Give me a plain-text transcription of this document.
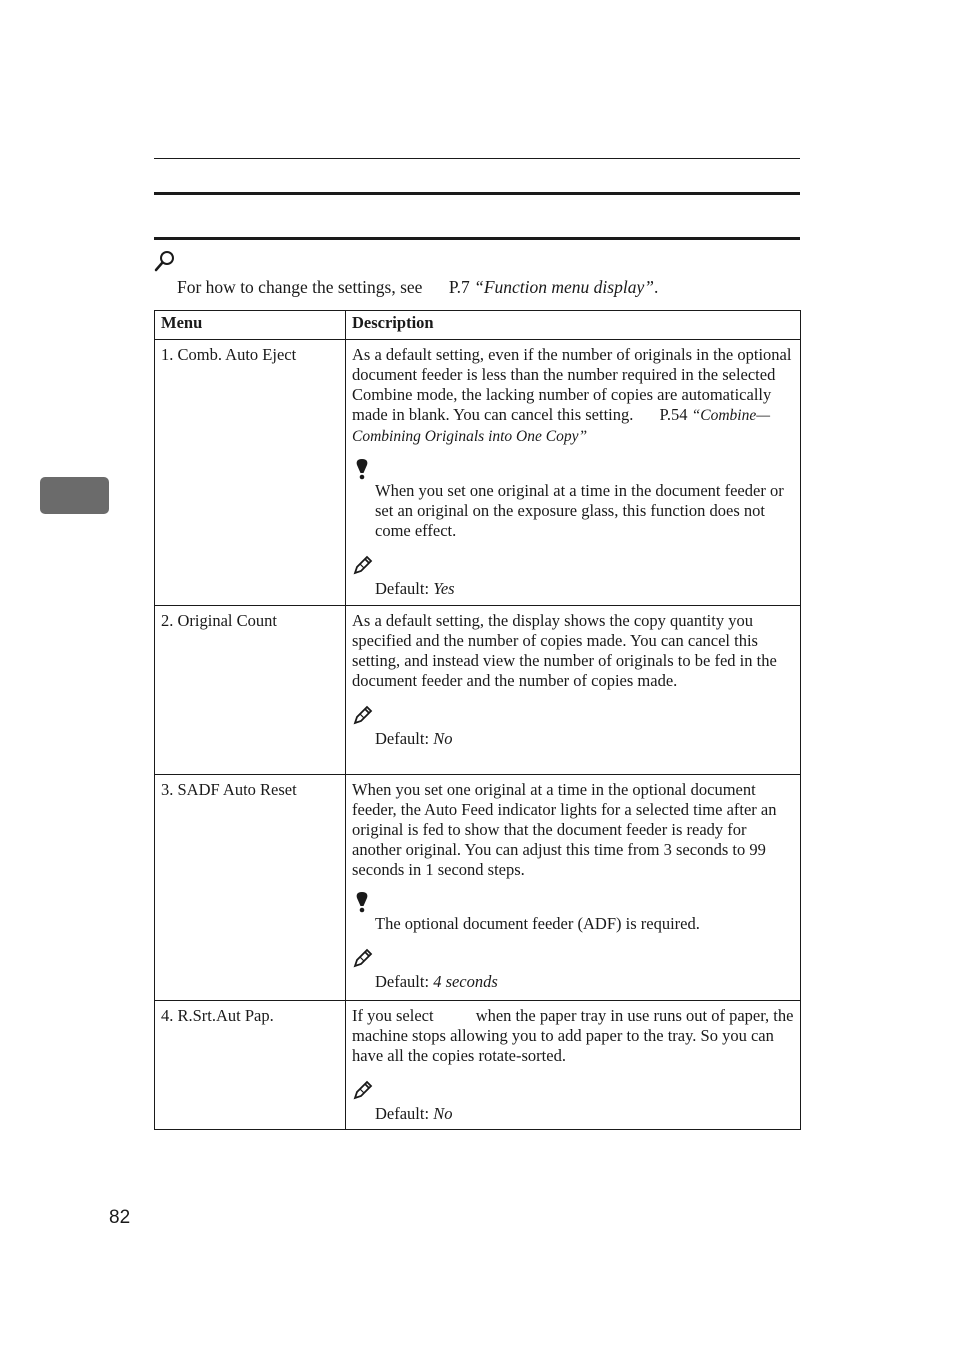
For how to change the settings, see P.7 “Function menu display”.
Menu	Description
1. Comb. Auto Eject	As a default setting, even if the number of originals in the optional document feeder is less than the number required in the selected Combine mode, the lacking number of copies are automatically made in blank. You can cancel this setting. P.54 “Combine—Combining Originals into One Copy”

When you set one original at a time in the document feeder or set an original on the exposure glass, this function does not come effect.

Default: Yes

2. Original Count	As a default setting, the display shows the copy quantity you specified and the number of copies made. You can cancel this setting, and instead view the number of originals to be fed in the document feeder and the number of copies made.

Default: No

3. SADF Auto Reset	When you set one original at a time in the optional document feeder, the Auto Feed indicator lights for a selected time after an original is fed to show that the document feeder is ready for another original. You can adjust this time from 3 seconds to 99 seconds in 1 second steps.

The optional document feeder (ADF) is required.

Default: 4 seconds

4. R.Srt.Aut Pap.	If you select when the paper tray in use runs out of paper, the machine stops allowing you to add paper to the tray. So you can have all the copies rotate-sorted.

Default: No

82
